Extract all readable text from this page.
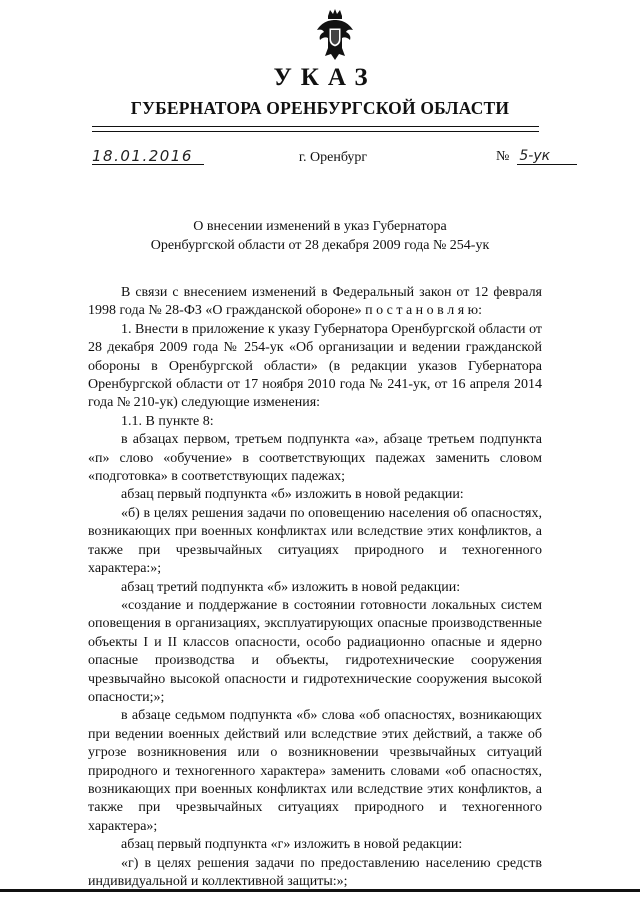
УКАЗ
ГУБЕРНАТОРА ОРЕНБУРГСКОЙ ОБЛАСТИ
18.01.2016	г. Оренбург	№ 5-ук
О внесении изменений в указ Губернатора
Оренбургской области от 28 декабря 2009 года № 254-ук

В связи с внесением изменений в Федеральный закон от 12 февраля 1998 года № 28-ФЗ «О гражданской обороне» п о с т а н о в л я ю:

1. Внести в приложение к указу Губернатора Оренбургской области от 28 декабря 2009 года № 254-ук «Об организации и ведении гражданской обороны в Оренбургской области» (в редакции указов Губернатора Оренбургской области от 17 ноября 2010 года № 241-ук, от 16 апреля 2014 года № 210-ук) следующие изменения:

1.1. В пункте 8:

в абзацах первом, третьем подпункта «а», абзаце третьем подпункта «п» слово «обучение» в соответствующих падежах заменить словом «подготовка» в соответствующих падежах;

абзац первый подпункта «б» изложить в новой редакции:

«б) в целях решения задачи по оповещению населения об опасностях, возникающих при военных конфликтах или вследствие этих конфликтов, а также при чрезвычайных ситуациях природного и техногенного характера:»;

абзац третий подпункта «б» изложить в новой редакции:

«создание и поддержание в состоянии готовности локальных систем оповещения в организациях, эксплуатирующих опасные производственные объекты I и II классов опасности, особо радиационно опасные и ядерно опасные производства и объекты, гидротехнические сооружения чрезвычайно высокой опасности и гидротехнические сооружения высокой опасности;»;

в абзаце седьмом подпункта «б» слова «об опасностях, возникающих при ведении военных действий или вследствие этих действий, а также об угрозе возникновения или о возникновении чрезвычайных ситуаций природного и техногенного характера» заменить словами «об опасностях, возникающих при военных конфликтах или вследствие этих конфликтов, а также при чрезвычайных ситуациях природного и техногенного характера»;

абзац первый подпункта «г» изложить в новой редакции:

«г) в целях решения задачи по предоставлению населению средств индивидуальной и коллективной защиты:»;
